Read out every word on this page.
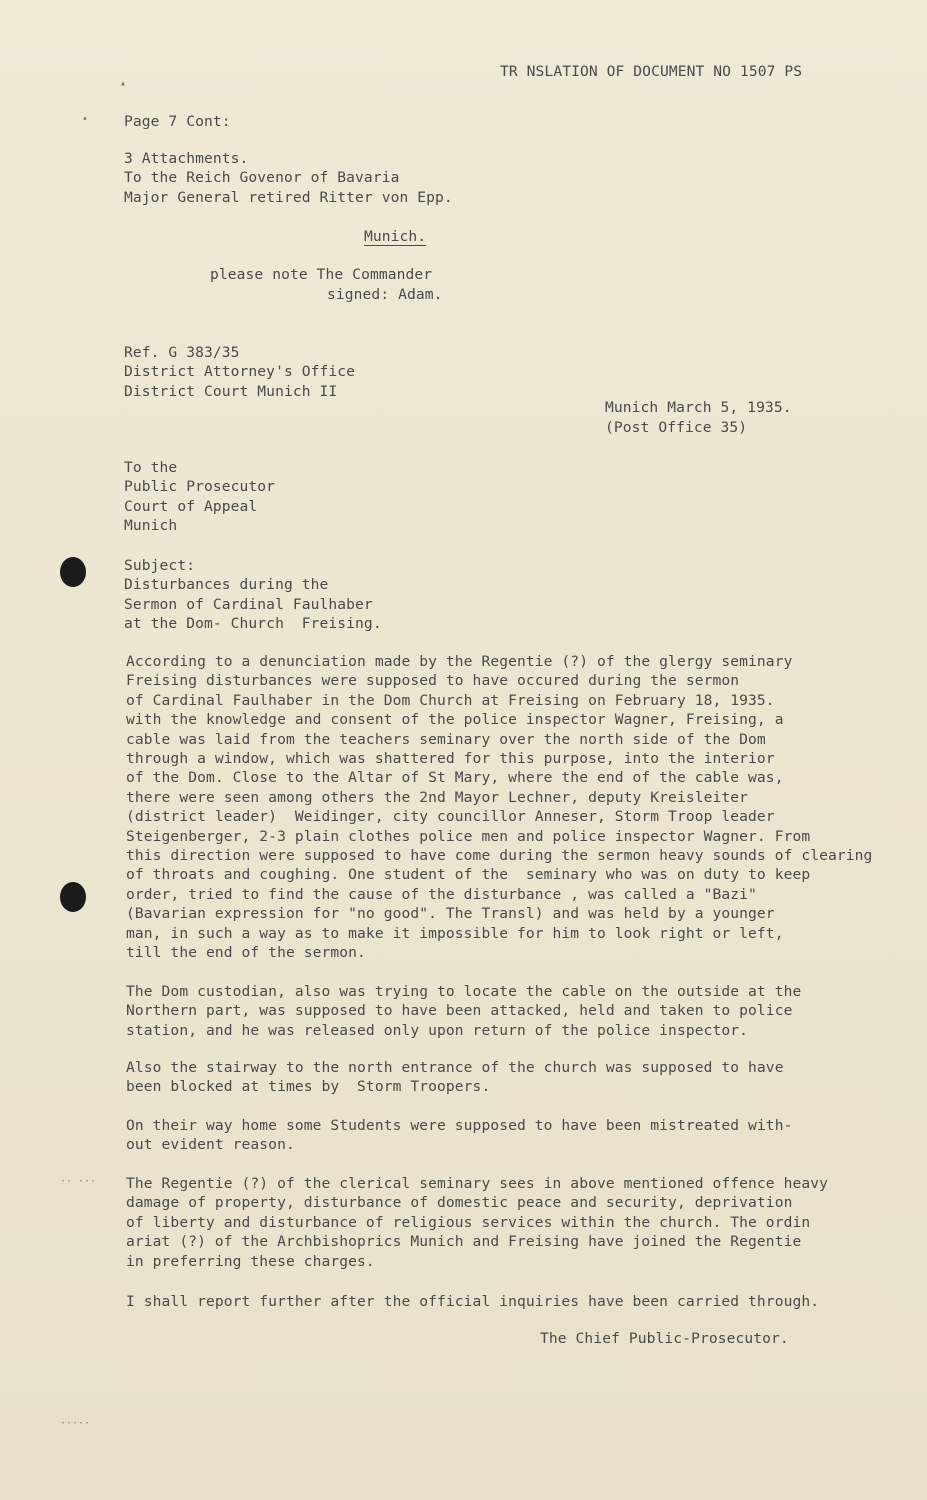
TR NSLATION OF DOCUMENT NO 1507 PS
Page 7 Cont:
3 Attachments.
To the Reich Govenor of Bavaria
Major General retired Ritter von Epp.
Munich.
please note The Commander
signed: Adam.
Ref. G 383/35
District Attorney's Office
District Court Munich II
Munich March 5, 1935.
(Post Office 35)
To the
Public Prosecutor
Court of Appeal
Munich
Subject:
Disturbances during the
Sermon of Cardinal Faulhaber
at the Dom- Church  Freising.
According to a denunciation made by the Regentie (?) of the glergy seminary
Freising disturbances were supposed to have occured during the sermon
of Cardinal Faulhaber in the Dom Church at Freising on February 18, 1935.
with the knowledge and consent of the police inspector Wagner, Freising, a
cable was laid from the teachers seminary over the north side of the Dom
through a window, which was shattered for this purpose, into the interior
of the Dom. Close to the Altar of St Mary, where the end of the cable was,
there were seen among others the 2nd Mayor Lechner, deputy Kreisleiter
(district leader)  Weidinger, city councillor Anneser, Storm Troop leader
Steigenberger, 2-3 plain clothes police men and police inspector Wagner. From
this direction were supposed to have come during the sermon heavy sounds of clearing
of throats and coughing. One student of the  seminary who was on duty to keep
order, tried to find the cause of the disturbance , was called a "Bazi"
(Bavarian expression for "no good". The Transl) and was held by a younger
man, in such a way as to make it impossible for him to look right or left,
till the end of the sermon.
The Dom custodian, also was trying to locate the cable on the outside at the
Northern part, was supposed to have been attacked, held and taken to police
station, and he was released only upon return of the police inspector.
Also the stairway to the north entrance of the church was supposed to have
been blocked at times by  Storm Troopers.
On their way home some Students were supposed to have been mistreated with-
out evident reason.
The Regentie (?) of the clerical seminary sees in above mentioned offence heavy
damage of property, disturbance of domestic peace and security, deprivation
of liberty and disturbance of religious services within the church. The ordin
ariat (?) of the Archbishoprics Munich and Freising have joined the Regentie
in preferring these charges.
I shall report further after the official inquiries have been carried through.
The Chief Public-Prosecutor.
▴
•
·· ···
·····
